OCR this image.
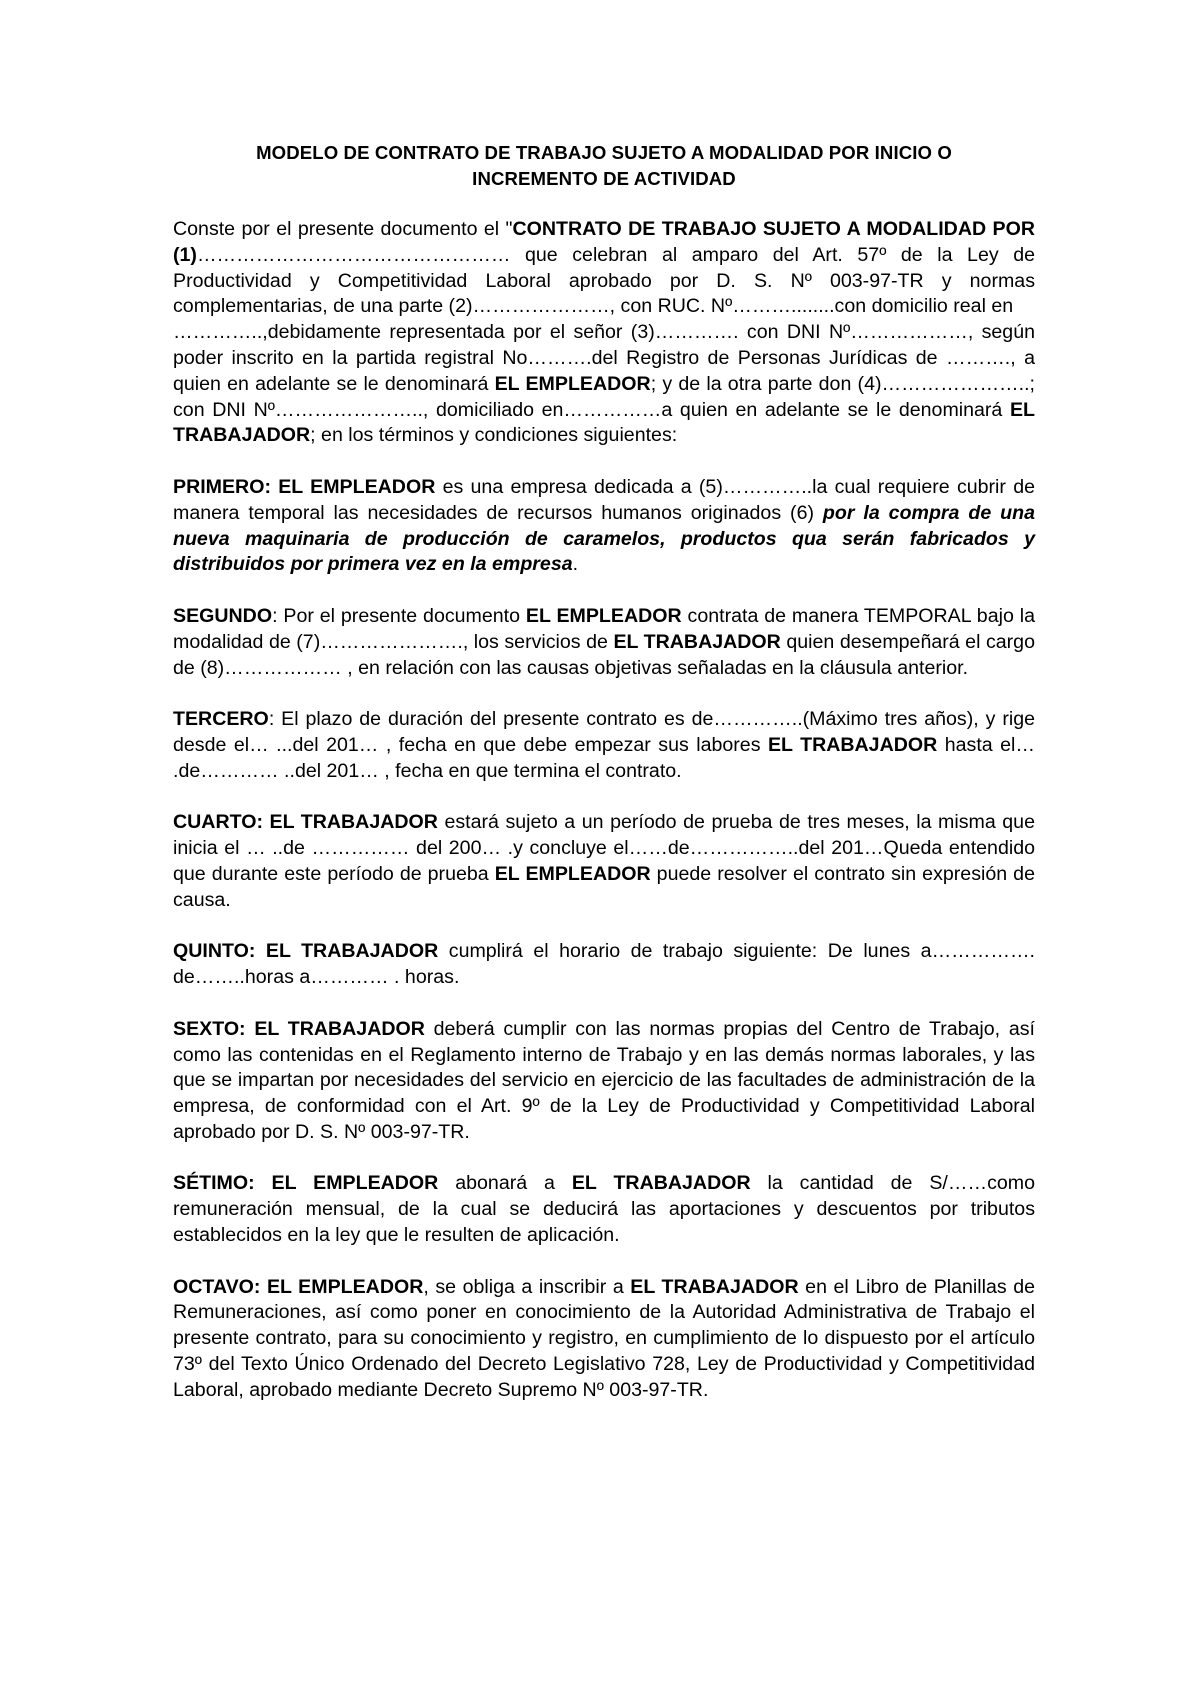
MODELO DE CONTRATO DE TRABAJO SUJETO A MODALIDAD POR INICIO O
INCREMENTO DE ACTIVIDAD
Conste por el presente documento el "CONTRATO DE TRABAJO SUJETO A MODALIDAD POR (1)………………………………………… que celebran al amparo del Art. 57º de la Ley de Productividad y Competitividad Laboral aprobado por D. S. Nº 003-97-TR y normas complementarias, de una parte (2)…………………, con RUC. Nº………........con domicilio real en
…………..,debidamente representada por el señor (3)…………. con DNI Nº………………, según poder inscrito en la partida registral No……….del Registro de Personas Jurídicas de ………., a quien en adelante se le denominará EL EMPLEADOR; y de la otra parte don (4)…………………..; con DNI Nº………………….., domiciliado en……………a quien en adelante se le denominará EL TRABAJADOR; en los términos y condiciones siguientes:
PRIMERO: EL EMPLEADOR es una empresa dedicada a (5)…………..la cual requiere cubrir de manera temporal las necesidades de recursos humanos originados (6) por la compra de una nueva maquinaria de producción de caramelos, productos qua serán fabricados y distribuidos por primera vez en la empresa.
SEGUNDO: Por el presente documento EL EMPLEADOR contrata de manera TEMPORAL bajo la modalidad de (7)…………………., los servicios de EL TRABAJADOR quien desempeñará el cargo de (8)……………… , en relación con las causas objetivas señaladas en la cláusula anterior.
TERCERO: El plazo de duración del presente contrato es de…………..(Máximo tres años), y rige desde el… ...del 201… , fecha en que debe empezar sus labores EL TRABAJADOR hasta el… .de………… ..del 201… , fecha en que termina el contrato.
CUARTO: EL TRABAJADOR estará sujeto a un período de prueba de tres meses, la misma que inicia el … ..de …………… del 200… .y concluye el……de……………..del 201…Queda entendido que durante este período de prueba EL EMPLEADOR puede resolver el contrato sin expresión de causa.
QUINTO: EL TRABAJADOR cumplirá el horario de trabajo siguiente: De lunes a……………. de……..horas a………… . horas.
SEXTO: EL TRABAJADOR deberá cumplir con las normas propias del Centro de Trabajo, así como las contenidas en el Reglamento interno de Trabajo y en las demás normas laborales, y las que se impartan por necesidades del servicio en ejercicio de las facultades de administración de la empresa, de conformidad con el Art. 9º de la Ley de Productividad y Competitividad Laboral aprobado por D. S. Nº 003-97-TR.
SÉTIMO: EL EMPLEADOR abonará a EL TRABAJADOR la cantidad de S/……como remuneración mensual, de la cual se deducirá las aportaciones y descuentos por tributos establecidos en la ley que le resulten de aplicación.
OCTAVO: EL EMPLEADOR, se obliga a inscribir a EL TRABAJADOR en el Libro de Planillas de Remuneraciones, así como poner en conocimiento de la Autoridad Administrativa de Trabajo el presente contrato, para su conocimiento y registro, en cumplimiento de lo dispuesto por el artículo 73º del Texto Único Ordenado del Decreto Legislativo 728, Ley de Productividad y Competitividad Laboral, aprobado mediante Decreto Supremo Nº 003-97-TR.
